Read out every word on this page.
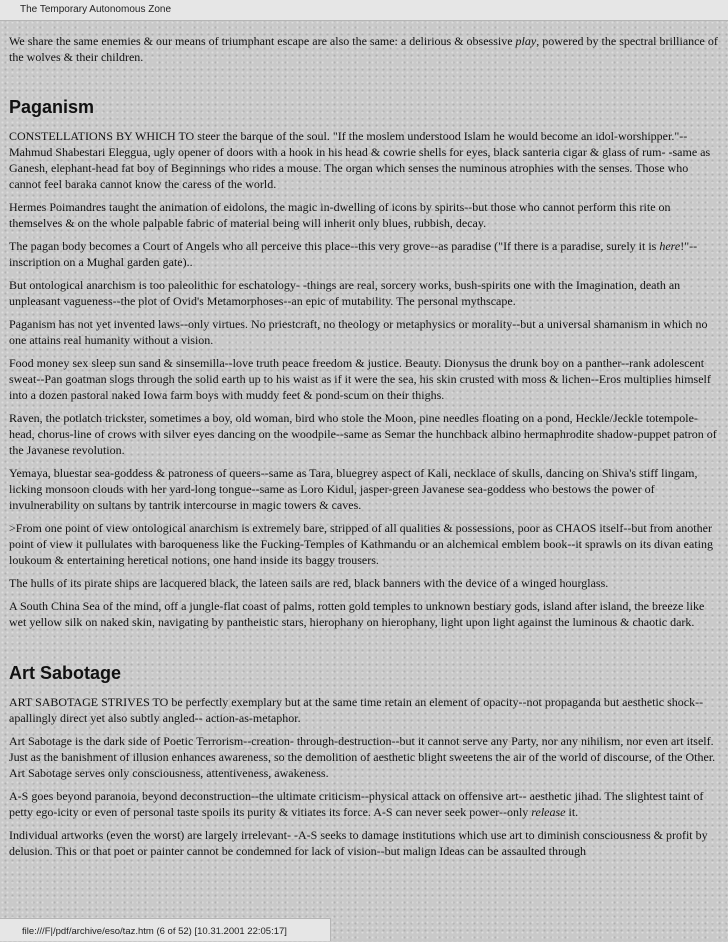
The Temporary Autonomous Zone

We share the same enemies & our means of triumphant escape are also the same: a delirious & obsessive play, powered by the spectral brilliance of the wolves & their children.

Paganism

CONSTELLATIONS BY WHICH TO steer the barque of the soul. "If the moslem understood Islam he would become an idol-worshipper."--Mahmud Shabestari Eleggua, ugly opener of doors with a hook in his head & cowrie shells for eyes, black santeria cigar & glass of rum- -same as Ganesh, elephant-head fat boy of Beginnings who rides a mouse. The organ which senses the numinous atrophies with the senses. Those who cannot feel baraka cannot know the caress of the world.

Hermes Poimandres taught the animation of eidolons, the magic in-dwelling of icons by spirits--but those who cannot perform this rite on themselves & on the whole palpable fabric of material being will inherit only blues, rubbish, decay.

The pagan body becomes a Court of Angels who all perceive this place--this very grove--as paradise ("If there is a paradise, surely it is here!"--inscription on a Mughal garden gate)..

But ontological anarchism is too paleolithic for eschatology- -things are real, sorcery works, bush-spirits one with the Imagination, death an unpleasant vagueness--the plot of Ovid's Metamorphoses--an epic of mutability. The personal mythscape.

Paganism has not yet invented laws--only virtues. No priestcraft, no theology or metaphysics or morality--but a universal shamanism in which no one attains real humanity without a vision.

Food money sex sleep sun sand & sinsemilla--love truth peace freedom & justice. Beauty. Dionysus the drunk boy on a panther--rank adolescent sweat--Pan goatman slogs through the solid earth up to his waist as if it were the sea, his skin crusted with moss & lichen--Eros multiplies himself into a dozen pastoral naked Iowa farm boys with muddy feet & pond-scum on their thighs.

Raven, the potlatch trickster, sometimes a boy, old woman, bird who stole the Moon, pine needles floating on a pond, Heckle/Jeckle totempole-head, chorus-line of crows with silver eyes dancing on the woodpile--same as Semar the hunchback albino hermaphrodite shadow-puppet patron of the Javanese revolution.

Yemaya, bluestar sea-goddess & patroness of queers--same as Tara, bluegrey aspect of Kali, necklace of skulls, dancing on Shiva's stiff lingam, licking monsoon clouds with her yard-long tongue--same as Loro Kidul, jasper-green Javanese sea-goddess who bestows the power of invulnerability on sultans by tantrik intercourse in magic towers & caves.

>From one point of view ontological anarchism is extremely bare, stripped of all qualities & possessions, poor as CHAOS itself--but from another point of view it pullulates with baroqueness like the Fucking-Temples of Kathmandu or an alchemical emblem book--it sprawls on its divan eating loukoum & entertaining heretical notions, one hand inside its baggy trousers.

The hulls of its pirate ships are lacquered black, the lateen sails are red, black banners with the device of a winged hourglass.

A South China Sea of the mind, off a jungle-flat coast of palms, rotten gold temples to unknown bestiary gods, island after island, the breeze like wet yellow silk on naked skin, navigating by pantheistic stars, hierophany on hierophany, light upon light against the luminous & chaotic dark.

Art Sabotage

ART SABOTAGE STRIVES TO be perfectly exemplary but at the same time retain an element of opacity--not propaganda but aesthetic shock--apallingly direct yet also subtly angled-- action-as-metaphor.

Art Sabotage is the dark side of Poetic Terrorism--creation- through-destruction--but it cannot serve any Party, nor any nihilism, nor even art itself. Just as the banishment of illusion enhances awareness, so the demolition of aesthetic blight sweetens the air of the world of discourse, of the Other. Art Sabotage serves only consciousness, attentiveness, awakeness.

A-S goes beyond paranoia, beyond deconstruction--the ultimate criticism--physical attack on offensive art-- aesthetic jihad. The slightest taint of petty ego-icity or even of personal taste spoils its purity & vitiates its force. A-S can never seek power--only release it.

Individual artworks (even the worst) are largely irrelevant- -A-S seeks to damage institutions which use art to diminish consciousness & profit by delusion. This or that poet or painter cannot be condemned for lack of vision--but malign Ideas can be assaulted through

file:///F|/pdf/archive/eso/taz.htm (6 of 52) [10.31.2001 22:05:17]
